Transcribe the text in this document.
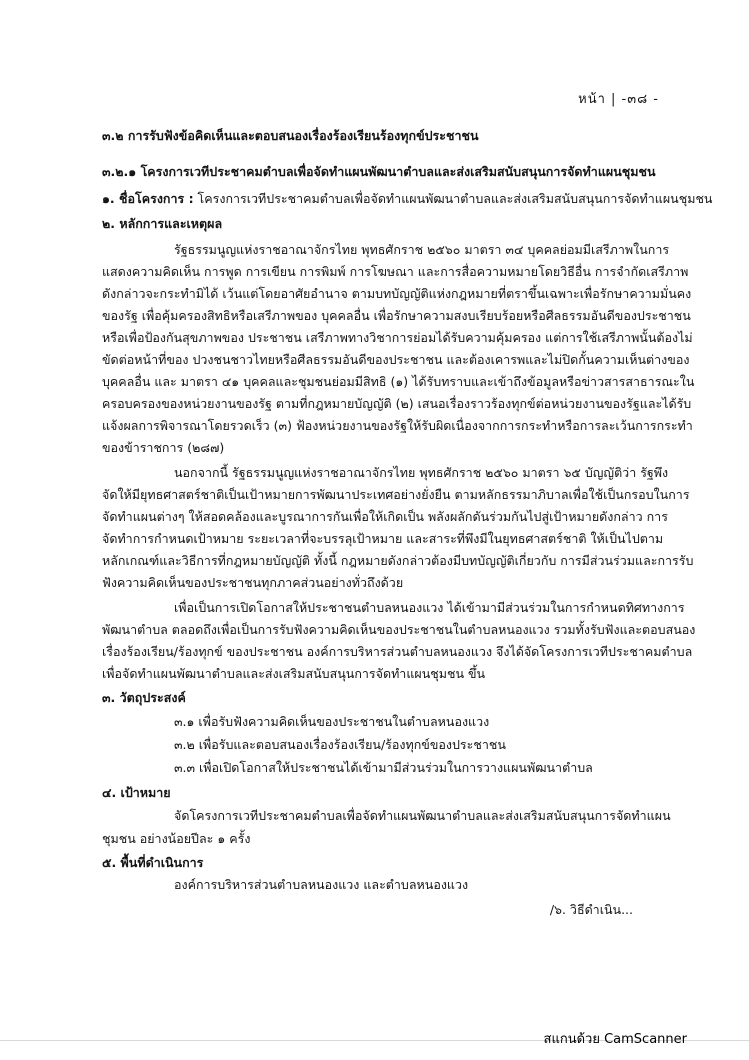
หน้า | -๓๘ -
๓.๒ การรับฟังข้อคิดเห็นและตอบสนองเรื่องร้องเรียนร้องทุกข์ประชาชน
๓.๒.๑ โครงการเวทีประชาคมตำบลเพื่อจัดทำแผนพัฒนาตำบลและส่งเสริมสนับสนุนการจัดทำแผนชุมชน
๑. ชื่อโครงการ : โครงการเวทีประชาคมตำบลเพื่อจัดทำแผนพัฒนาตำบลและส่งเสริมสนับสนุนการจัดทำแผนชุมชน
๒. หลักการและเหตุผล
รัฐธรรมนูญแห่งราชอาณาจักรไทย พุทธศักราช ๒๕๖๐ มาตรา ๓๔ บุคคลย่อมมีเสรีภาพในการ
แสดงความคิดเห็น การพูด การเขียน การพิมพ์ การโฆษณา และการสื่อความหมายโดยวิธีอื่น การจำกัดเสรีภาพ
ดังกล่าวจะกระทำมิได้ เว้นแต่โดยอาศัยอำนาจ ตามบทบัญญัติแห่งกฎหมายที่ตราขึ้นเฉพาะเพื่อรักษาความมั่นคง
ของรัฐ เพื่อคุ้มครองสิทธิหรือเสรีภาพของ บุคคลอื่น เพื่อรักษาความสงบเรียบร้อยหรือศีลธรรมอันดีของประชาชน
หรือเพื่อป้องกันสุขภาพของ ประชาชน เสรีภาพทางวิชาการย่อมได้รับความคุ้มครอง แต่การใช้เสรีภาพนั้นต้องไม่
ขัดต่อหน้าที่ของ ปวงชนชาวไทยหรือศีลธรรมอันดีของประชาชน และต้องเคารพและไม่ปิดกั้นความเห็นต่างของ
บุคคลอื่น และ มาตรา ๔๑ บุคคลและชุมชนย่อมมีสิทธิ (๑) ได้รับทราบและเข้าถึงข้อมูลหรือข่าวสารสาธารณะใน
ครอบครองของหน่วยงานของรัฐ ตามที่กฎหมายบัญญัติ (๒) เสนอเรื่องราวร้องทุกข์ต่อหน่วยงานของรัฐและได้รับ
แจ้งผลการพิจารณาโดยรวดเร็ว (๓) ฟ้องหน่วยงานของรัฐให้รับผิดเนื่องจากการกระทำหรือการละเว้นการกระทำ
ของข้าราชการ (๒๘๗)
นอกจากนี้ รัฐธรรมนูญแห่งราชอาณาจักรไทย พุทธศักราช ๒๕๖๐ มาตรา ๖๕ บัญญัติว่า รัฐพึง
จัดให้มียุทธศาสตร์ชาติเป็นเป้าหมายการพัฒนาประเทศอย่างยั่งยืน ตามหลักธรรมาภิบาลเพื่อใช้เป็นกรอบในการ
จัดทำแผนต่างๆ ให้สอดคล้องและบูรณาการกันเพื่อให้เกิดเป็น พลังผลักดันร่วมกันไปสู่เป้าหมายดังกล่าว การ
จัดทำการกำหนดเป้าหมาย ระยะเวลาที่จะบรรลุเป้าหมาย และสาระที่พึงมีในยุทธศาสตร์ชาติ ให้เป็นไปตาม
หลักเกณฑ์และวิธีการที่กฎหมายบัญญัติ ทั้งนี้ กฎหมายดังกล่าวต้องมีบทบัญญัติเกี่ยวกับ การมีส่วนร่วมและการรับ
ฟังความคิดเห็นของประชาชนทุกภาคส่วนอย่างทั่วถึงด้วย
เพื่อเป็นการเปิดโอกาสให้ประชาชนตำบลหนองแวง ได้เข้ามามีส่วนร่วมในการกำหนดทิศทางการ
พัฒนาตำบล ตลอดถึงเพื่อเป็นการรับฟังความคิดเห็นของประชาชนในตำบลหนองแวง รวมทั้งรับฟังและตอบสนอง
เรื่องร้องเรียน/ร้องทุกข์ ของประชาชน องค์การบริหารส่วนตำบลหนองแวง จึงได้จัดโครงการเวทีประชาคมตำบล
เพื่อจัดทำแผนพัฒนาตำบลและส่งเสริมสนับสนุนการจัดทำแผนชุมชน ขึ้น
๓. วัตถุประสงค์
๓.๑ เพื่อรับฟังความคิดเห็นของประชาชนในตำบลหนองแวง
๓.๒ เพื่อรับและตอบสนองเรื่องร้องเรียน/ร้องทุกข์ของประชาชน
๓.๓ เพื่อเปิดโอกาสให้ประชาชนได้เข้ามามีส่วนร่วมในการวางแผนพัฒนาตำบล
๔. เป้าหมาย
จัดโครงการเวทีประชาคมตำบลเพื่อจัดทำแผนพัฒนาตำบลและส่งเสริมสนับสนุนการจัดทำแผน
ชุมชน อย่างน้อยปีละ ๑ ครั้ง
๕. พื้นที่ดำเนินการ
องค์การบริหารส่วนตำบลหนองแวง และตำบลหนองแวง
/๖. วิธีดำเนิน...
สแกนด้วย CamScanner
